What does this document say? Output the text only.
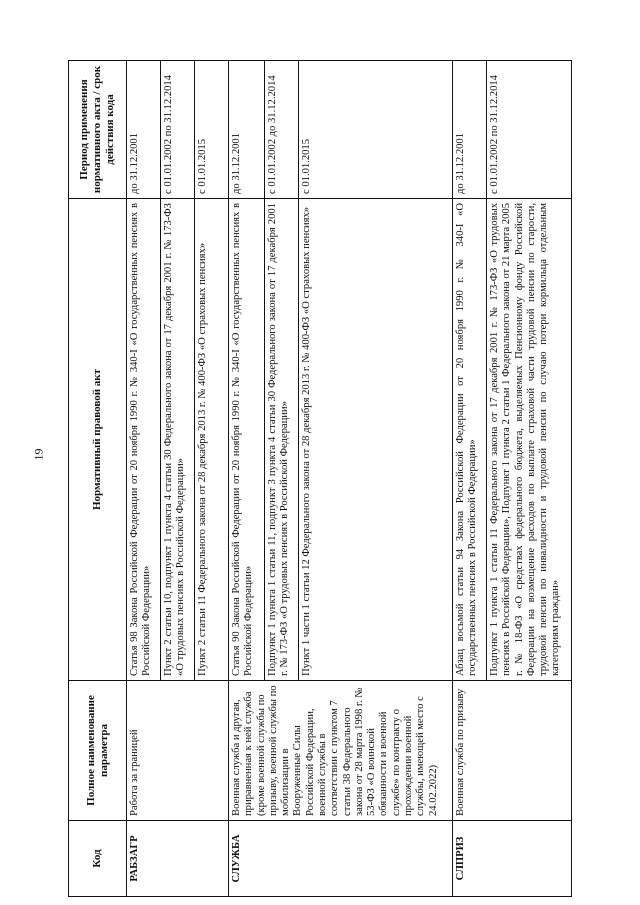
19
Код	Полное наименование параметра	Нормативный правовой акт	Период применения нормативного акта / срок действия кода
РАБЗАГР	Работа за границей	Статья 98 Закона Российской Федерации от 20 ноября 1990 г. № 340-I «О государственных пенсиях в Российской Федерации»	до 31.12.2001
		Пункт 2 статьи 10, подпункт 1 пункта 4 статьи 30 Федерального закона от 17 декабря 2001 г. № 173-ФЗ «О трудовых пенсиях в Российской Федерации»	с 01.01.2002 по 31.12.2014
		Пункт 2 статьи 11 Федерального закона от 28 декабря 2013 г. № 400-ФЗ «О страховых пенсиях»	с 01.01.2015
СЛУЖБА	Военная служба и другая, приравненная к ней служба (кроме военной службы по призыву, военной службы по мобилизации в Вооруженные Силы Российской Федерации, военной службы в соответствии с пунктом 7 статьи 38 Федерального закона от 28 марта 1998 г. № 53-ФЗ «О воинской обязанности и военной службе» по контракту о прохождении военной службы, имеющей место с 24.02.2022)	Статья 90 Закона Российской Федерации от 20 ноября 1990 г. № 340-I «О государственных пенсиях в Российской Федерации»	до 31.12.2001
		Подпункт 1 пункта 1 статьи 11, подпункт 3 пункта 4 статьи 30 Федерального закона от 17 декабря 2001 г. № 173-ФЗ «О трудовых пенсиях в Российской Федерации»	с 01.01.2002 до 31.12.2014
		Пункт 1 части 1 статьи 12 Федерального закона от 28 декабря 2013 г. № 400-ФЗ «О страховых пенсиях»	с 01.01.2015
СЛПРИЗ	Военная служба по призыву	Абзац восьмой статьи 94 Закона Российской Федерации от 20 ноября 1990 г. № 340-I «О государственных пенсиях в Российской Федерации»	до 31.12.2001
		Подпункт 1 пункта 1 статьи 11 Федерального закона от 17 декабря 2001 г. № 173-ФЗ «О трудовых пенсиях в Российской Федерации», Подпункт 1 пункта 2 статьи 1 Федерального закона от 21 марта 2005 г. № 18-ФЗ «О средствах федерального бюджета, выделяемых Пенсионному фонду Российской Федерации на возмещение расходов по выплате страховой части трудовой пенсии по старости, трудовой пенсии по инвалидности и трудовой пенсии по случаю потери кормильца отдельным категориям граждан»	с 01.01.2002 по 31.12.2014
